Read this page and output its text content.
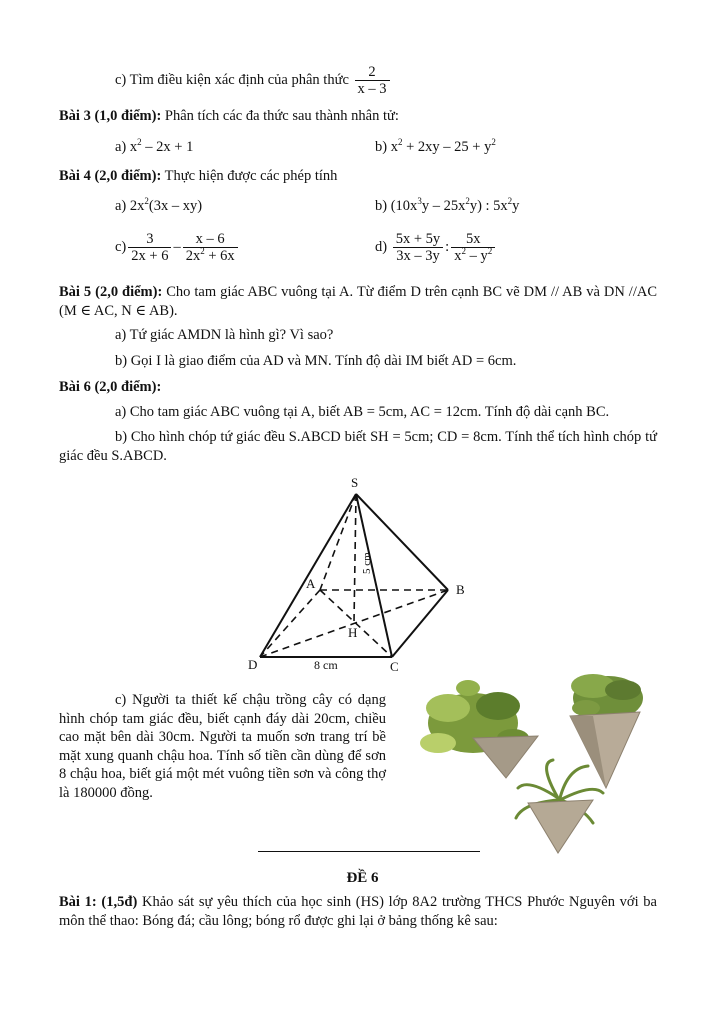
c) Tìm điều kiện xác định của phân thức $\frac{2}{x - 3}$
Bài 3 (1,0 điểm): Phân tích các đa thức sau thành nhân tử:
a) $x^2 - 2x + 1$	b) $x^2 + 2xy - 25 + y^2$
Bài 4 (2,0 điểm): Thực hiện được các phép tính
a) $2x^2(3x - xy)$	b) $(10x^3y - 25x^2y)$ : $5x^2y$
$c) \frac{3}{2x + 6} - \frac{x - 6}{2x^2 + 6x}$	$d) \frac{5x + 5y}{3x - 3y}$ : $\frac{5x}{x^2 - y^2}$
Bài 5 (2,0 điểm): Cho tam giác ABC vuông tại A. Từ điểm D trên cạnh BC vẽ DM // AB và DN //AC (M ∈ AC, N ∈ AB).
a) Tứ giác AMDN là hình gì? Vì sao?
b) Gọi I là giao điểm của AD và MN. Tính độ dài IM biết AD = 6cm.
Bài 6 (2,0 điểm):
a) Cho tam giác ABC vuông tại A, biết AB = 5cm, AC = 12cm. Tính độ dài cạnh BC.
b) Cho hình chóp tứ giác đều S.ABCD biết SH = 5cm; CD = 8cm. Tính thể tích hình chóp tứ giác đều S.ABCD.
S
A	B
C
D
H
8 cm
5 cm
c) Người ta thiết kế chậu trồng cây có dạng hình chóp tam giác đều, biết cạnh đáy dài 20cm, chiều cao mặt bên dài 30cm. Người ta muốn sơn trang trí bề mặt xung quanh chậu hoa. Tính số tiền cần dùng để sơn 8 chậu hoa, biết giá một mét vuông tiền sơn và công thợ là 180000 đồng.
ĐỀ 6
Bài 1: (1,5đ) Khảo sát sự yêu thích của học sinh (HS) lớp 8A2 trường THCS Phước Nguyên với ba môn thể thao: Bóng đá; cầu lông; bóng rổ được ghi lại ở bảng thống kê sau:
